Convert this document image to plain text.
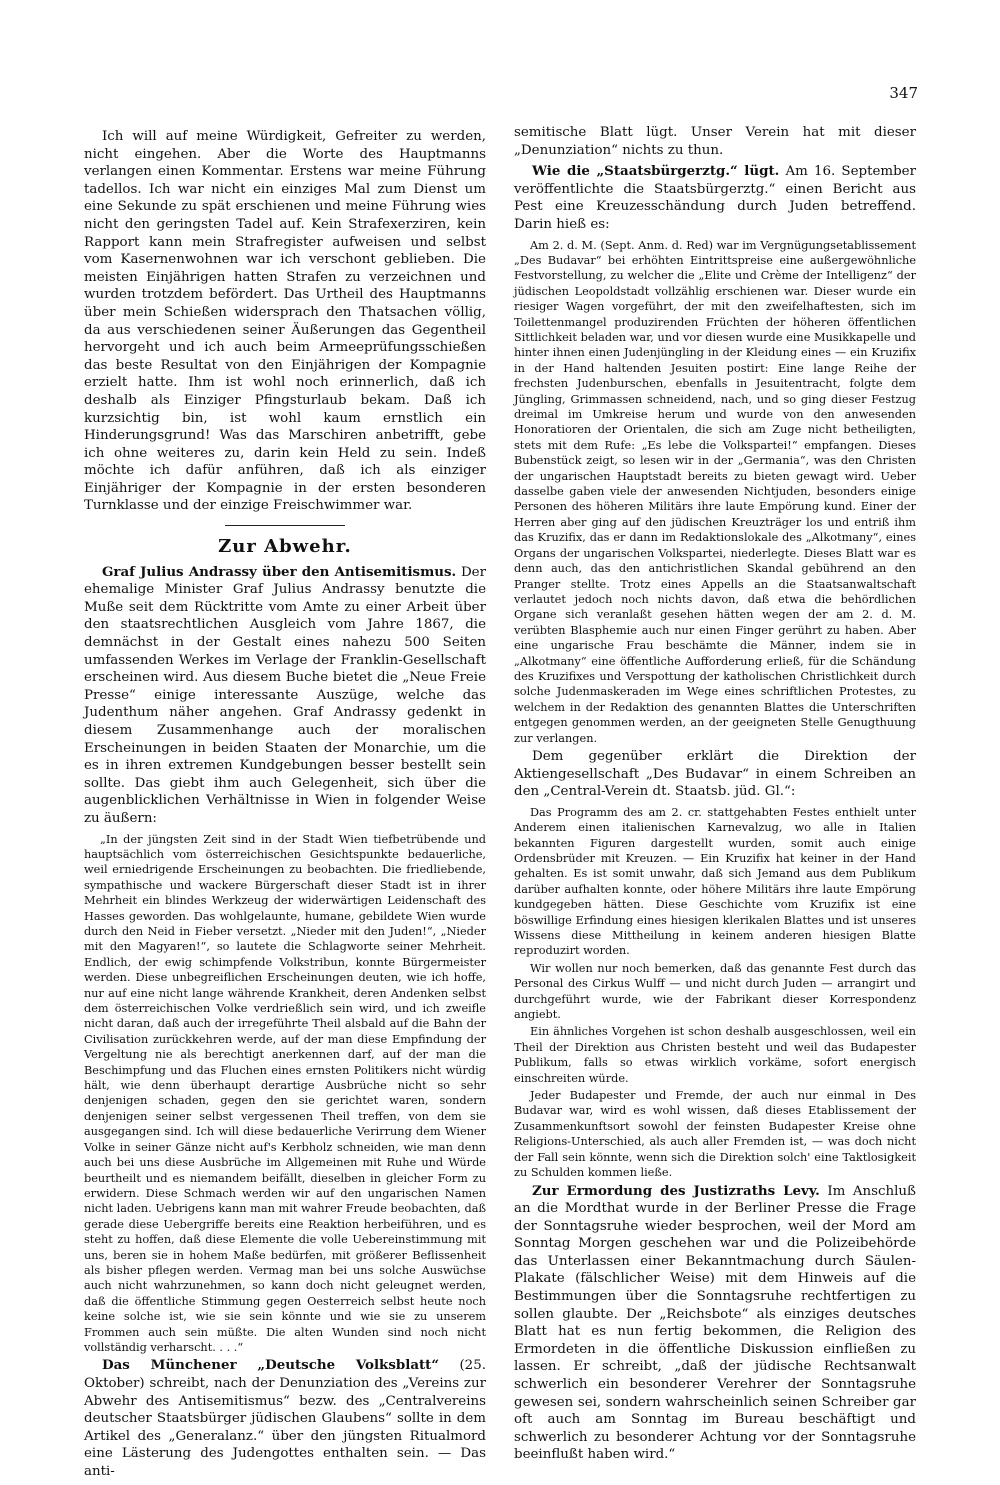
347

Ich will auf meine Würdigkeit, Gefreiter zu werden, nicht eingehen. Aber die Worte des Hauptmanns verlangen einen Kommentar. Erstens war meine Führung tadellos. Ich war nicht ein einziges Mal zum Dienst um eine Sekunde zu spät erschienen und meine Führung wies nicht den geringsten Tadel auf. Kein Strafexerziren, kein Rapport kann mein Strafregister aufweisen und selbst vom Kasernenwohnen war ich verschont geblieben. Die meisten Einjährigen hatten Strafen zu verzeichnen und wurden trotzdem befördert. Das Urtheil des Hauptmanns über mein Schießen widersprach den Thatsachen völlig, da aus verschiedenen seiner Äußerungen das Gegentheil hervorgeht und ich auch beim Armeeprüfungsschießen das beste Resultat von den Einjährigen der Kompagnie erzielt hatte. Ihm ist wohl noch erinnerlich, daß ich deshalb als Einziger Pfingsturlaub bekam. Daß ich kurzsichtig bin, ist wohl kaum ernstlich ein Hinderungsgrund! Was das Marschiren anbetrifft, gebe ich ohne weiteres zu, darin kein Held zu sein. Indeß möchte ich dafür anführen, daß ich als einziger Einjähriger der Kompagnie in der ersten besonderen Turnklasse und der einzige Freischwimmer war.

Zur Abwehr.

Graf Julius Andrassy über den Antisemitismus. Der ehemalige Minister Graf Julius Andrassy benutzte die Muße seit dem Rücktritte vom Amte zu einer Arbeit über den staatsrechtlichen Ausgleich vom Jahre 1867, die demnächst in der Gestalt eines nahezu 500 Seiten umfassenden Werkes im Verlage der Franklin-Gesellschaft erscheinen wird. Aus diesem Buche bietet die „Neue Freie Presse“ einige interessante Auszüge, welche das Judenthum näher angehen. Graf Andrassy gedenkt in diesem Zusammenhange auch der moralischen Erscheinungen in beiden Staaten der Monarchie, um die es in ihren extremen Kundgebungen besser bestellt sein sollte. Das giebt ihm auch Gelegenheit, sich über die augenblicklichen Verhältnisse in Wien in folgender Weise zu äußern:

„In der jüngsten Zeit sind in der Stadt Wien tiefbetrübende und hauptsächlich vom österreichischen Gesichtspunkte bedauerliche, weil erniedrigende Erscheinungen zu beobachten. Die friedliebende, sympathische und wackere Bürgerschaft dieser Stadt ist in ihrer Mehrheit ein blindes Werkzeug der widerwärtigen Leidenschaft des Hasses geworden. Das wohlgelaunte, humane, gebildete Wien wurde durch den Neid in Fieber versetzt. „Nieder mit den Juden!“, „Nieder mit den Magyaren!“, so lautete die Schlagworte seiner Mehrheit. Endlich, der ewig schimpfende Volkstribun, konnte Bürgermeister werden. Diese unbegreiflichen Erscheinungen deuten, wie ich hoffe, nur auf eine nicht lange währende Krankheit, deren Andenken selbst dem österreichischen Volke verdrießlich sein wird, und ich zweifle nicht daran, daß auch der irregeführte Theil alsbald auf die Bahn der Civilisation zurückkehren werde, auf der man diese Empfindung der Vergeltung nie als berechtigt anerkennen darf, auf der man die Beschimpfung und das Fluchen eines ernsten Politikers nicht würdig hält, wie denn überhaupt derartige Ausbrüche nicht so sehr denjenigen schaden, gegen den sie gerichtet waren, sondern denjenigen seiner selbst vergessenen Theil treffen, von dem sie ausgegangen sind. Ich will diese bedauerliche Verirrung dem Wiener Volke in seiner Gänze nicht auf's Kerbholz schneiden, wie man denn auch bei uns diese Ausbrüche im Allgemeinen mit Ruhe und Würde beurtheilt und es niemandem beifällt, dieselben in gleicher Form zu erwidern. Diese Schmach werden wir auf den ungarischen Namen nicht laden. Uebrigens kann man mit wahrer Freude beobachten, daß gerade diese Uebergriffe bereits eine Reaktion herbeiführen, und es steht zu hoffen, daß diese Elemente die volle Uebereinstimmung mit uns, beren sie in hohem Maße bedürfen, mit größerer Beflissenheit als bisher pflegen werden. Vermag man bei uns solche Auswüchse auch nicht wahrzunehmen, so kann doch nicht geleugnet werden, daß die öffentliche Stimmung gegen Oesterreich selbst heute noch keine solche ist, wie sie sein könnte und wie sie zu unserem Frommen auch sein müßte. Die alten Wunden sind noch nicht vollständig verharscht. . . .“

Das Münchener „Deutsche Volksblatt“ (25. Oktober) schreibt, nach der Denunziation des „Vereins zur Abwehr des Antisemitismus“ bezw. des „Centralvereins deutscher Staatsbürger jüdischen Glaubens“ sollte in dem Artikel des „Generalanz.“ über den jüngsten Ritualmord eine Lästerung des Judengottes enthalten sein. — Das anti-

semitische Blatt lügt. Unser Verein hat mit dieser „Denunziation“ nichts zu thun.

Wie die „Staatsbürgerztg.“ lügt. Am 16. September veröffentlichte die Staatsbürgerztg.“ einen Bericht aus Pest eine Kreuzesschändung durch Juden betreffend. Darin hieß es:

Am 2. d. M. (Sept. Anm. d. Red) war im Vergnügungsetablissement „Des Budavar“ bei erhöhten Eintrittspreise eine außergewöhnliche Festvorstellung, zu welcher die „Elite und Crème der Intelligenz“ der jüdischen Leopoldstadt vollzählig erschienen war. Dieser wurde ein riesiger Wagen vorgeführt, der mit den zweifelhaftesten, sich im Toilettenmangel produzirenden Früchten der höheren öffentlichen Sittlichkeit beladen war, und vor diesen wurde eine Musikkapelle und hinter ihnen einen Judenjüngling in der Kleidung eines — ein Kruzifix in der Hand haltenden Jesuiten postirt: Eine lange Reihe der frechsten Judenburschen, ebenfalls in Jesuitentracht, folgte dem Jüngling, Grimmassen schneidend, nach, und so ging dieser Festzug dreimal im Umkreise herum und wurde von den anwesenden Honoratioren der Orientalen, die sich am Zuge nicht betheiligten, stets mit dem Rufe: „Es lebe die Volkspartei!“ empfangen. Dieses Bubenstück zeigt, so lesen wir in der „Germania“, was den Christen der ungarischen Hauptstadt bereits zu bieten gewagt wird. Ueber dasselbe gaben viele der anwesenden Nichtjuden, besonders einige Personen des höheren Militärs ihre laute Empörung kund. Einer der Herren aber ging auf den jüdischen Kreuzträger los und entriß ihm das Kruzifix, das er dann im Redaktionslokale des „Alkotmany“, eines Organs der ungarischen Volkspartei, niederlegte. Dieses Blatt war es denn auch, das den antichristlichen Skandal gebührend an den Pranger stellte. Trotz eines Appells an die Staatsanwaltschaft verlautet jedoch noch nichts davon, daß etwa die behördlichen Organe sich veranlaßt gesehen hätten wegen der am 2. d. M. verübten Blasphemie auch nur einen Finger gerührt zu haben. Aber eine ungarische Frau beschämte die Männer, indem sie in „Alkotmany“ eine öffentliche Aufforderung erließ, für die Schändung des Kruzifixes und Verspottung der katholischen Christlichkeit durch solche Judenmaskeraden im Wege eines schriftlichen Protestes, zu welchem in der Redaktion des genannten Blattes die Unterschriften entgegen genommen werden, an der geeigneten Stelle Genugthuung zur verlangen.

Dem gegenüber erklärt die Direktion der Aktiengesellschaft „Des Budavar“ in einem Schreiben an den „Central-Verein dt. Staatsb. jüd. Gl.“:

Das Programm des am 2. cr. stattgehabten Festes enthielt unter Anderem einen italienischen Karnevalzug, wo alle in Italien bekannten Figuren dargestellt wurden, somit auch einige Ordensbrüder mit Kreuzen. — Ein Kruzifix hat keiner in der Hand gehalten. Es ist somit unwahr, daß sich Jemand aus dem Publikum darüber aufhalten konnte, oder höhere Militärs ihre laute Empörung kundgegeben hätten. Diese Geschichte vom Kruzifix ist eine böswillige Erfindung eines hiesigen klerikalen Blattes und ist unseres Wissens diese Mittheilung in keinem anderen hiesigen Blatte reproduzirt worden.

Wir wollen nur noch bemerken, daß das genannte Fest durch das Personal des Cirkus Wulff — und nicht durch Juden — arrangirt und durchgeführt wurde, wie der Fabrikant dieser Korrespondenz angiebt.

Ein ähnliches Vorgehen ist schon deshalb ausgeschlossen, weil ein Theil der Direktion aus Christen besteht und weil das Budapester Publikum, falls so etwas wirklich vorkäme, sofort energisch einschreiten würde.

Jeder Budapester und Fremde, der auch nur einmal in Des Budavar war, wird es wohl wissen, daß dieses Etablissement der Zusammenkunftsort sowohl der feinsten Budapester Kreise ohne Religions-Unterschied, als auch aller Fremden ist, — was doch nicht der Fall sein könnte, wenn sich die Direktion solch' eine Taktlosigkeit zu Schulden kommen ließe.

Zur Ermordung des Justizraths Levy. Im Anschluß an die Mordthat wurde in der Berliner Presse die Frage der Sonntagsruhe wieder besprochen, weil der Mord am Sonntag Morgen geschehen war und die Polizeibehörde das Unterlassen einer Bekanntmachung durch Säulen-Plakate (fälschlicher Weise) mit dem Hinweis auf die Bestimmungen über die Sonntagsruhe rechtfertigen zu sollen glaubte. Der „Reichsbote“ als einziges deutsches Blatt hat es nun fertig bekommen, die Religion des Ermordeten in die öffentliche Diskussion einfließen zu lassen. Er schreibt, „daß der jüdische Rechtsanwalt schwerlich ein besonderer Verehrer der Sonntagsruhe gewesen sei, sondern wahrscheinlich seinen Schreiber gar oft auch am Sonntag im Bureau beschäftigt und schwerlich zu besonderer Achtung vor der Sonntagsruhe beeinflußt haben wird.“
